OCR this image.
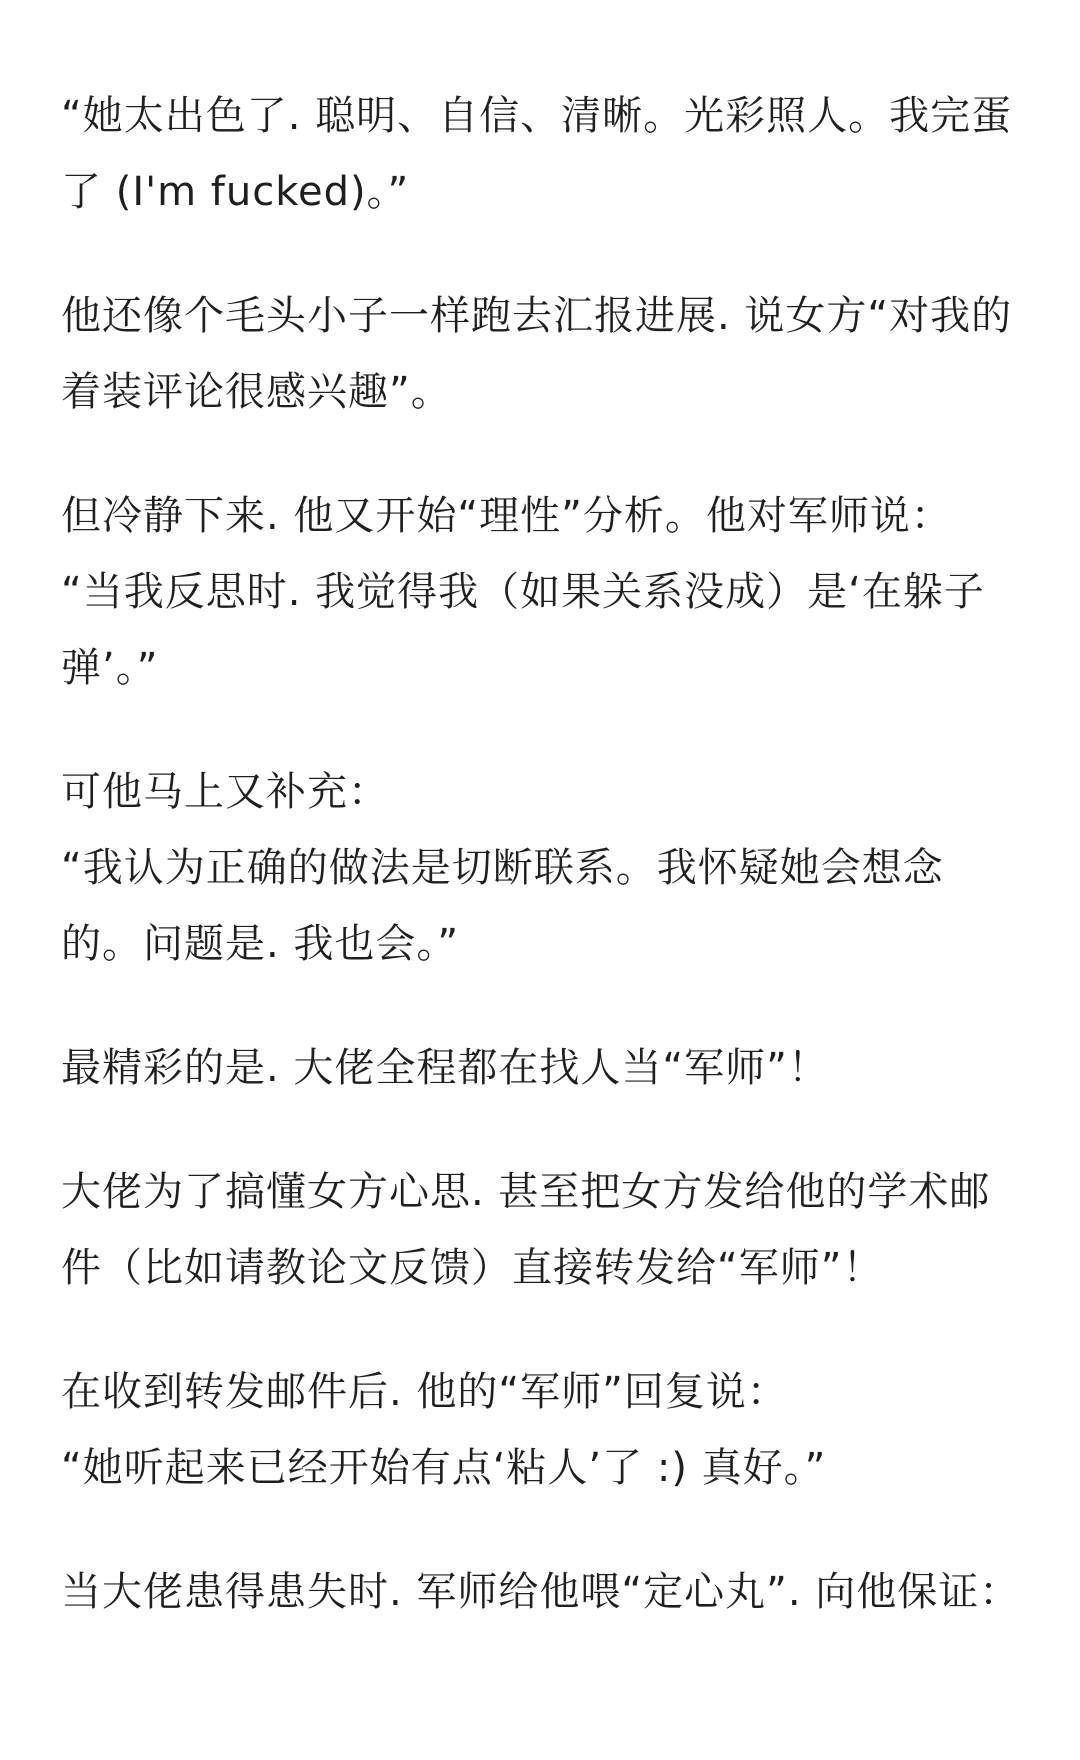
“她太出色了. 聪明、自信、清晰。光彩照人。我完蛋了 (I'm fucked)。”

他还像个毛头小子一样跑去汇报进展. 说女方“对我的着装评论很感兴趣”。

但冷静下来. 他又开始“理性”分析。他对军师说：
“当我反思时. 我觉得我（如果关系没成）是‘在躲子弹’。”

可他马上又补充：
“我认为正确的做法是切断联系。我怀疑她会想念的。问题是. 我也会。”

最精彩的是. 大佬全程都在找人当“军师”！

大佬为了搞懂女方心思. 甚至把女方发给他的学术邮件（比如请教论文反馈）直接转发给“军师”！

在收到转发邮件后. 他的“军师”回复说：
“她听起来已经开始有点‘粘人’了 :) 真好。”

当大佬患得患失时. 军师给他喂“定心丸”. 向他保证：
